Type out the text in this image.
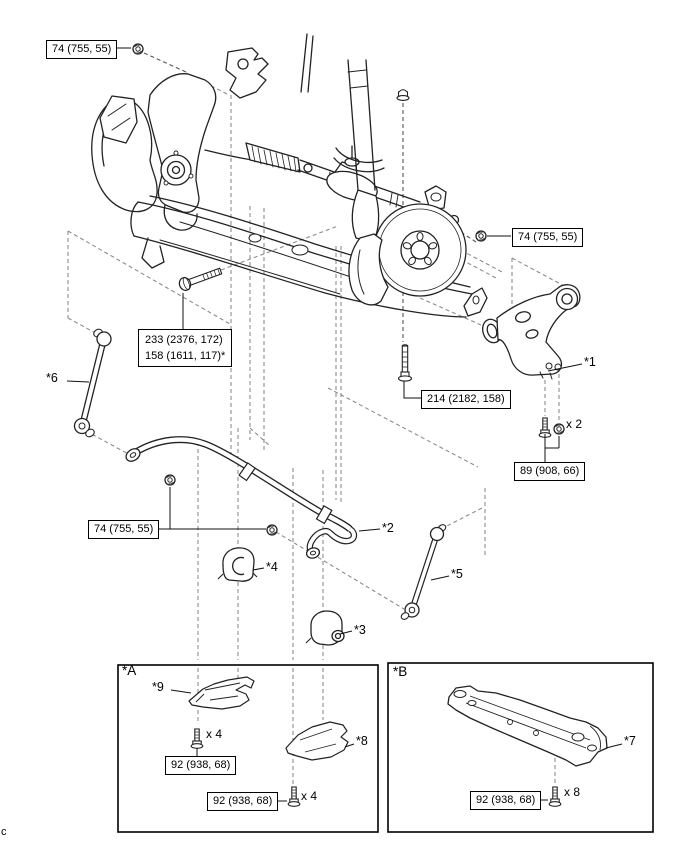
74 (755, 55)
74 (755, 55)
233 (2376, 172)
158 (1611, 117)*
214 (2182, 158)
89 (908, 66)
74 (755, 55)
92 (938, 68)
92 (938, 68)	92 (938, 68)
*1
*2
*3
*4	*5
*6
*7
*8
*9
x 2
x 4
x 4	x 8
*A	*B
c
